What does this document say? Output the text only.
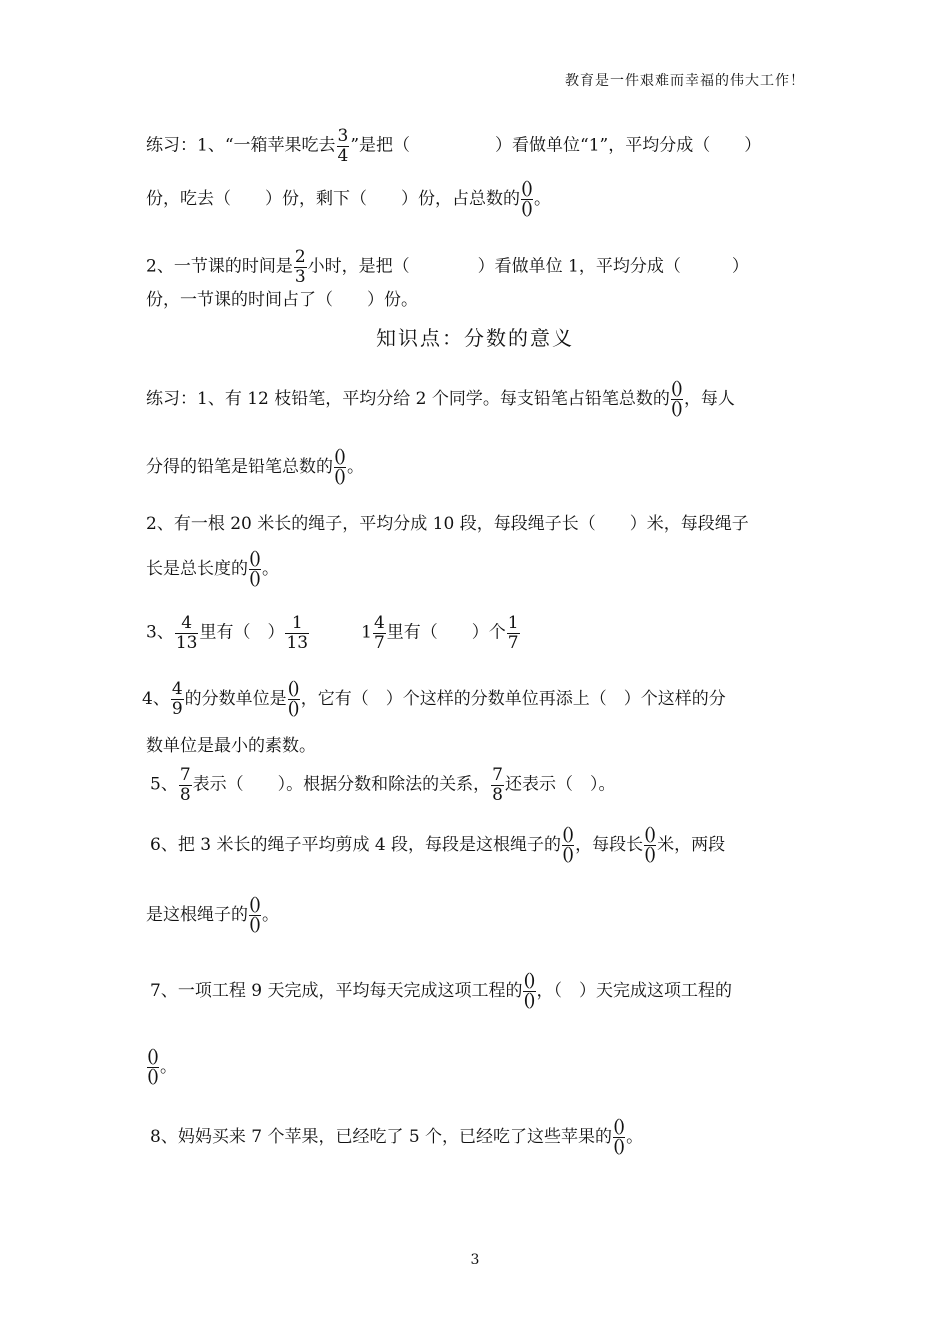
教育是一件艰难而幸福的伟大工作！
知识点：分数的意义
练习：1、“一箱苹果吃去 $\frac{3}{4}$ ”是把（　　　　　）看做单位“1”，平均分成（　　）
份，吃去（　　）份，剩下（　　）份，占总数的 ()
() 。
2、一节课的时间是 $\frac{2}{3}$ 小时，是把（　　　　）看做单位 1，平均分成（　　　）
份，一节课的时间占了（　　）份。
练习：1、有 12 枝铅笔，平均分给 2 个同学。每支铅笔占铅笔总数的 ()
() ，每人
分得的铅笔是铅笔总数的 ()
() 。
2、有一根 20 米长的绳子，平均分成 10 段，每段绳子长（　　）米，每段绳子
长是总长度的 ()
() 。
3、 $\frac{4}{13}$ 里有（　） $\frac{1}{13}$ 　　　$1 \frac{4}{7}$ 里有（　　）个 $\frac{1}{7}$
4、 $\frac{4}{9}$ 的分数单位是 ()
() ，它有（　）个这样的分数单位再添上（　）个这样的分
数单位是最小的素数。
5、 $\frac{7}{8}$ 表示（　　）。根据分数和除法的关系， $\frac{7}{8}$ 还表示（　）。
6、把 3 米长的绳子平均剪成 4 段，每段是这根绳子的 ()
() ，每段长 ()
() 米，两段
是这根绳子的 ()
() 。
7、一项工程 9 天完成，平均每天完成这项工程的 ()
() ，（　）天完成这项工程的
()
() 。
8、妈妈买来 7 个苹果，已经吃了 5 个，已经吃了这些苹果的 ()
() 。
3
